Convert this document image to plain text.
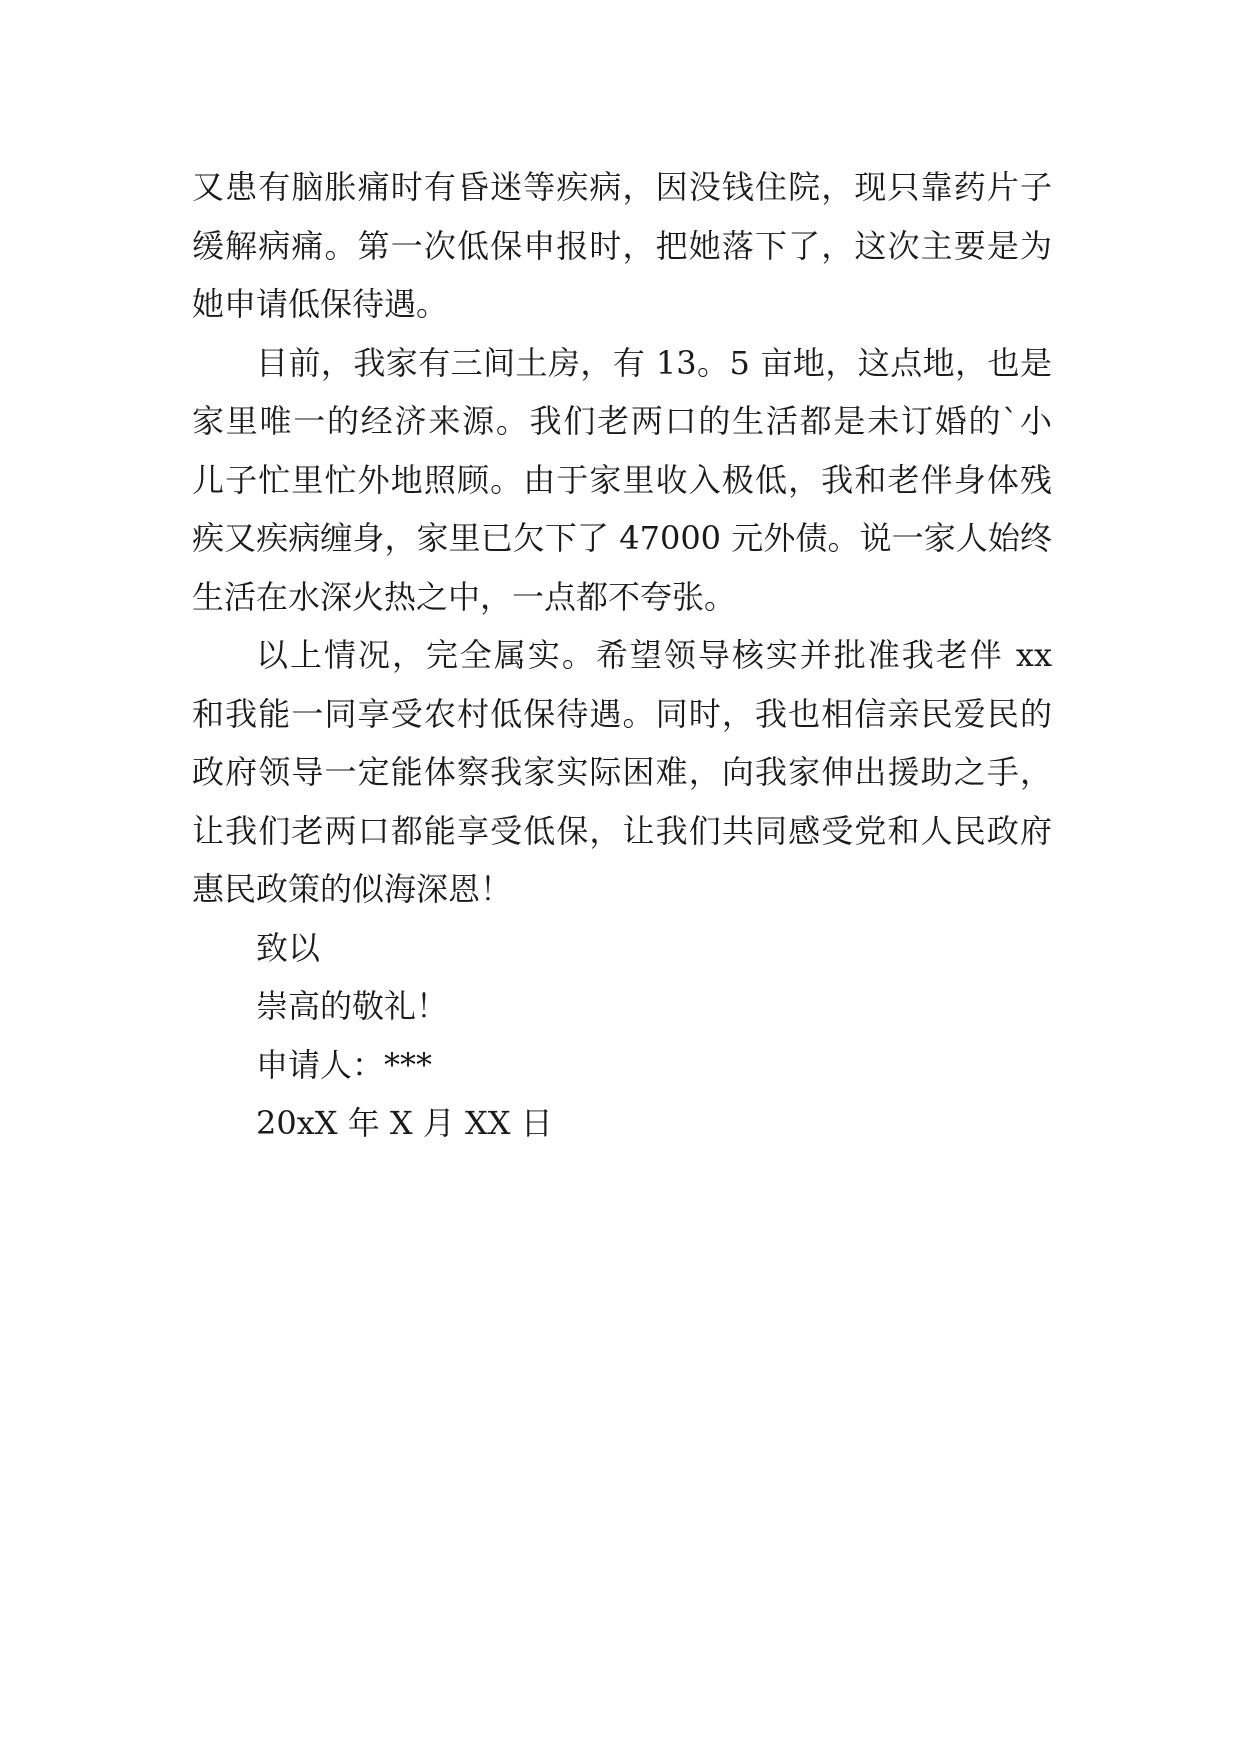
又患有脑胀痛时有昏迷等疾病，因没钱住院，现只靠药片子
缓解病痛。第一次低保申报时，把她落下了，这次主要是为
她申请低保待遇。
目前，我家有三间土房，有 13。5 亩地，这点地，也是
家里唯一的经济来源。我们老两口的生活都是未订婚的`小
儿子忙里忙外地照顾。由于家里收入极低，我和老伴身体残
疾又疾病缠身，家里已欠下了 47000 元外债。说一家人始终
生活在水深火热之中，一点都不夸张。
以上情况，完全属实。希望领导核实并批准我老伴 xx
和我能一同享受农村低保待遇。同时，我也相信亲民爱民的
政府领导一定能体察我家实际困难，向我家伸出援助之手，
让我们老两口都能享受低保，让我们共同感受党和人民政府
惠民政策的似海深恩！
致以
崇高的敬礼！
申请人：***
20xX 年 X 月 XX 日
